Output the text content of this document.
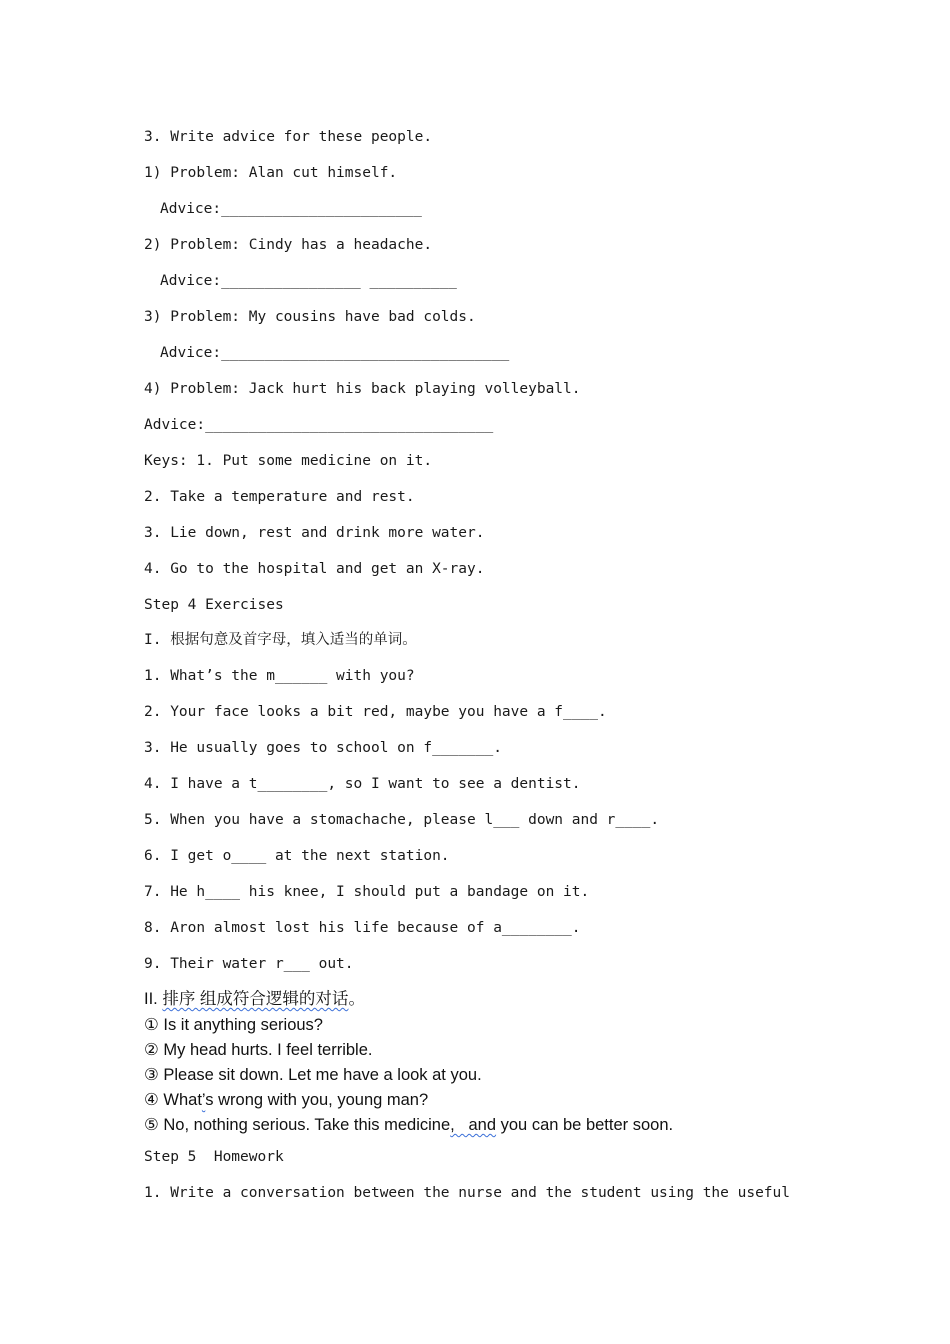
3. Write advice for these people.

1) Problem: Alan cut himself.

Advice:_______________________

2) Problem: Cindy has a headache.

Advice:________________ __________

3) Problem: My cousins have bad colds.

Advice:_________________________________

4) Problem: Jack hurt his back playing volleyball.

Advice:_________________________________

Keys: 1. Put some medicine on it.

2. Take a temperature and rest.

3. Lie down, rest and drink more water.

4. Go to the hospital and get an X-ray.

Step 4 Exercises

I. 根据句意及首字母，填入适当的单词。

1. What’s the m______ with you?

2. Your face looks a bit red, maybe you have a f____.

3. He usually goes to school on f_______.

4. I have a t________, so I want to see a dentist.

5. When you have a stomachache, please l___ down and r____.

6. I get o____ at the next station.

7. He h____ his knee, I should put a bandage on it.

8. Aron almost lost his life because of a________.

9. Their water r___ out.

II. 排序 组成符合逻辑的对话。

① Is it anything serious?

② My head hurts. I feel terrible.

③ Please sit down. Let me have a look at you.

④ What’s wrong with you, young man?

⑤ No, nothing serious. Take this medicine,   and you can be better soon.

Step 5  Homework

1. Write a conversation between the nurse and the student using the useful
